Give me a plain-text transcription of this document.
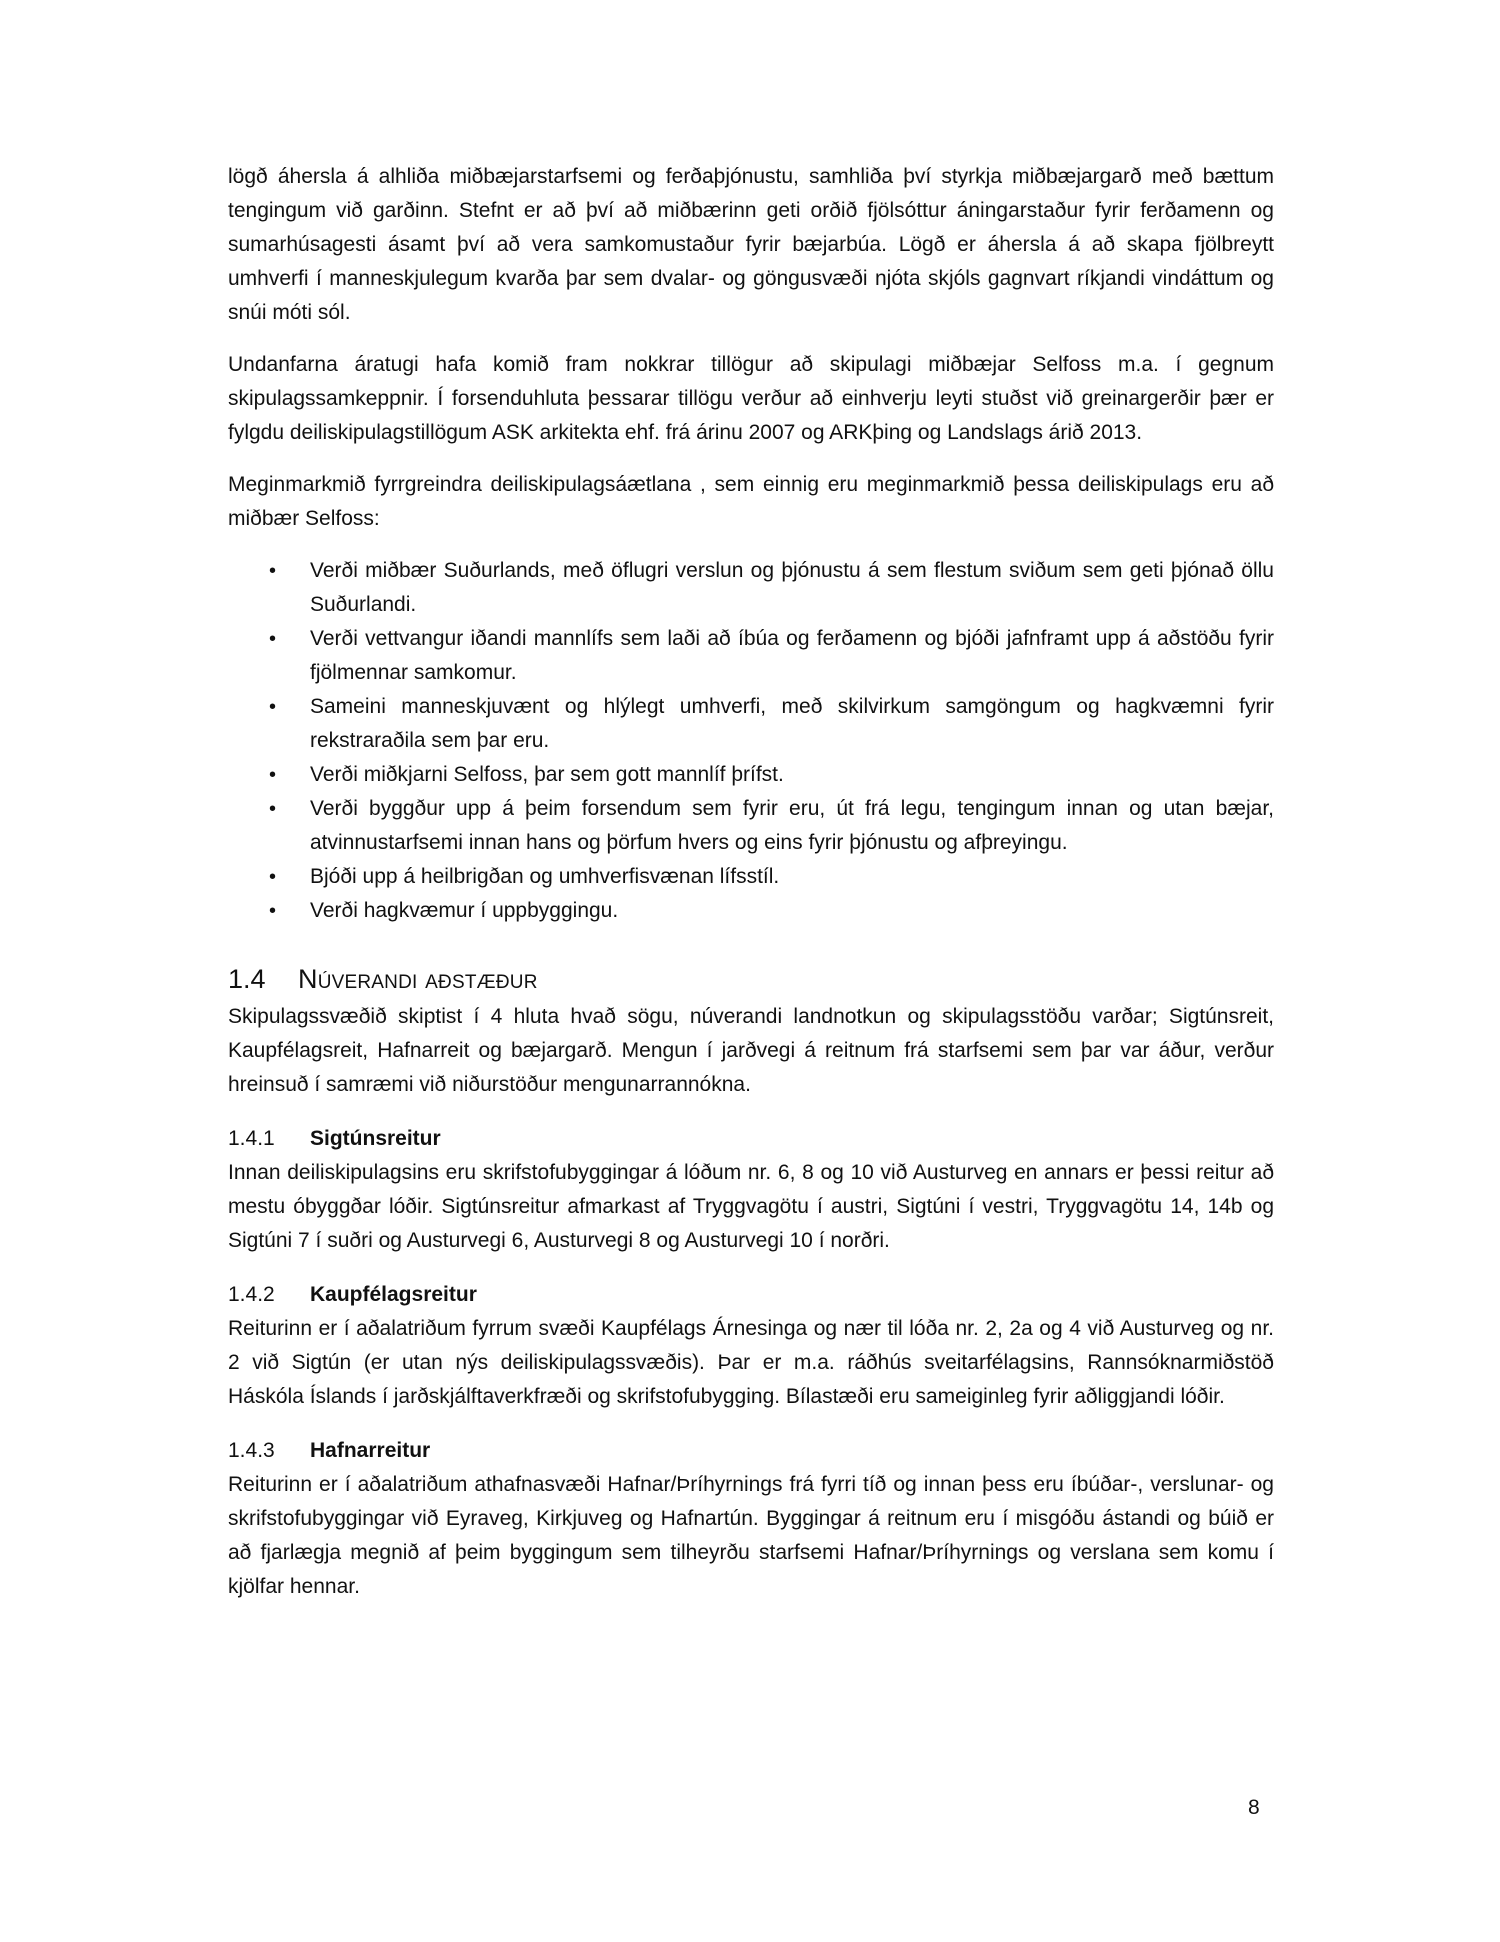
lögð áhersla á alhliða miðbæjarstarfsemi og ferðaþjónustu, samhliða því styrkja miðbæjargarð með bættum tengingum við garðinn. Stefnt er að því að miðbærinn geti orðið fjölsóttur áningarstaður fyrir ferðamenn og sumarhúsagesti ásamt því að vera samkomustaður fyrir bæjarbúa. Lögð er áhersla á að skapa fjölbreytt umhverfi í manneskjulegum kvarða þar sem dvalar- og göngusvæði njóta skjóls gagnvart ríkjandi vindáttum og snúi móti sól.

Undanfarna áratugi hafa komið fram nokkrar tillögur að skipulagi miðbæjar Selfoss m.a. í gegnum skipulagssamkeppnir. Í forsenduhluta þessarar tillögu verður að einhverju leyti stuðst við greinargerðir þær er fylgdu deiliskipulagstillögum ASK arkitekta ehf. frá árinu 2007 og ARKþing og Landslags árið 2013.

Meginmarkmið fyrrgreindra deiliskipulagsáætlana , sem einnig eru meginmarkmið þessa deiliskipulags eru að miðbær Selfoss:

• Verði miðbær Suðurlands, með öflugri verslun og þjónustu á sem flestum sviðum sem geti þjónað öllu Suðurlandi.
• Verði vettvangur iðandi mannlífs sem laði að íbúa og ferðamenn og bjóði jafnframt upp á aðstöðu fyrir fjölmennar samkomur.
• Sameini manneskjuvænt og hlýlegt umhverfi, með skilvirkum samgöngum og hagkvæmni fyrir rekstraraðila sem þar eru.
• Verði miðkjarni Selfoss, þar sem gott mannlíf þrífst.
• Verði byggður upp á þeim forsendum sem fyrir eru, út frá legu, tengingum innan og utan bæjar, atvinnustarfsemi innan hans og þörfum hvers og eins fyrir þjónustu og afþreyingu.
• Bjóði upp á heilbrigðan og umhverfisvænan lífsstíl.
• Verði hagkvæmur í uppbyggingu.
1.4	Núverandi aðstæður

Skipulagssvæðið skiptist í 4 hluta hvað sögu, núverandi landnotkun og skipulagsstöðu varðar; Sigtúnsreit, Kaupfélagsreit, Hafnarreit og bæjargarð. Mengun í jarðvegi á reitnum frá starfsemi sem þar var áður, verður hreinsuð í samræmi við niðurstöður mengunarrannókna.

1.4.1	Sigtúnsreitur

Innan deiliskipulagsins eru skrifstofubyggingar á lóðum nr. 6, 8 og 10 við Austurveg en annars er þessi reitur að mestu óbyggðar lóðir. Sigtúnsreitur afmarkast af Tryggvagötu í austri, Sigtúni í vestri, Tryggvagötu 14, 14b og Sigtúni 7 í suðri og Austurvegi 6, Austurvegi 8 og Austurvegi 10 í norðri.

1.4.2	Kaupfélagsreitur

Reiturinn er í aðalatriðum fyrrum svæði Kaupfélags Árnesinga og nær til lóða nr. 2, 2a og 4 við Austurveg og nr. 2 við Sigtún (er utan nýs deiliskipulagssvæðis). Þar er m.a. ráðhús sveitarfélagsins, Rannsóknarmiðstöð Háskóla Íslands í jarðskjálftaverkfræði og skrifstofubygging. Bílastæði eru sameiginleg fyrir aðliggjandi lóðir.

1.4.3	Hafnarreitur

Reiturinn er í aðalatriðum athafnasvæði Hafnar/Þríhyrnings frá fyrri tíð og innan þess eru íbúðar-, verslunar- og skrifstofubyggingar við Eyraveg, Kirkjuveg og Hafnartún. Byggingar á reitnum eru í misgóðu ástandi og búið er að fjarlægja megnið af þeim byggingum sem tilheyrðu starfsemi Hafnar/Þríhyrnings og verslana sem komu í kjölfar hennar.

8
